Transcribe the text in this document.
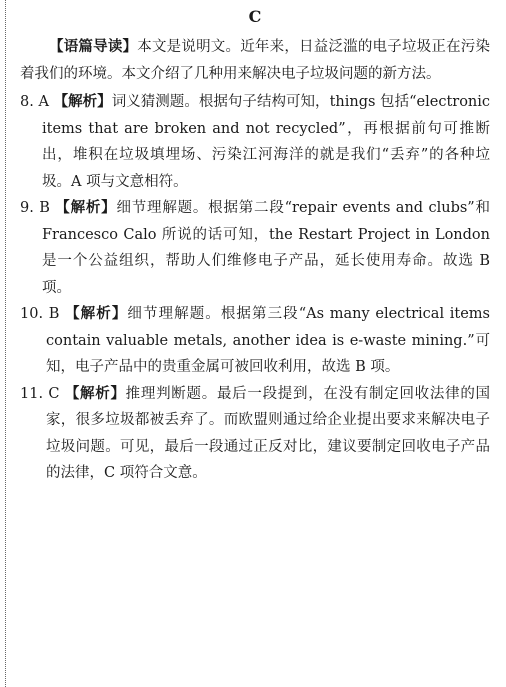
C

【语篇导读】本文是说明文。近年来，日益泛滥的电子垃圾正在污染着我们的环境。本文介绍了几种用来解决电子垃圾问题的新方法。

8. A 【解析】词义猜测题。根据句子结构可知，things 包括“electronic items that are broken and not recycled”，再根据前句可推断出，堆积在垃圾填埋场、污染江河海洋的就是我们“丢弃”的各种垃圾。A 项与文意相符。

9. B 【解析】细节理解题。根据第二段“repair events and clubs”和 Francesco Calo 所说的话可知，the Restart Project in London 是一个公益组织，帮助人们维修电子产品，延长使用寿命。故选 B 项。

10. B 【解析】细节理解题。根据第三段“As many electrical items contain valuable metals, another idea is e-waste mining.”可知，电子产品中的贵重金属可被回收利用，故选 B 项。

11. C 【解析】推理判断题。最后一段提到，在没有制定回收法律的国家，很多垃圾都被丢弃了。而欧盟则通过给企业提出要求来解决电子垃圾问题。可见，最后一段通过正反对比，建议要制定回收电子产品的法律，C 项符合文意。
